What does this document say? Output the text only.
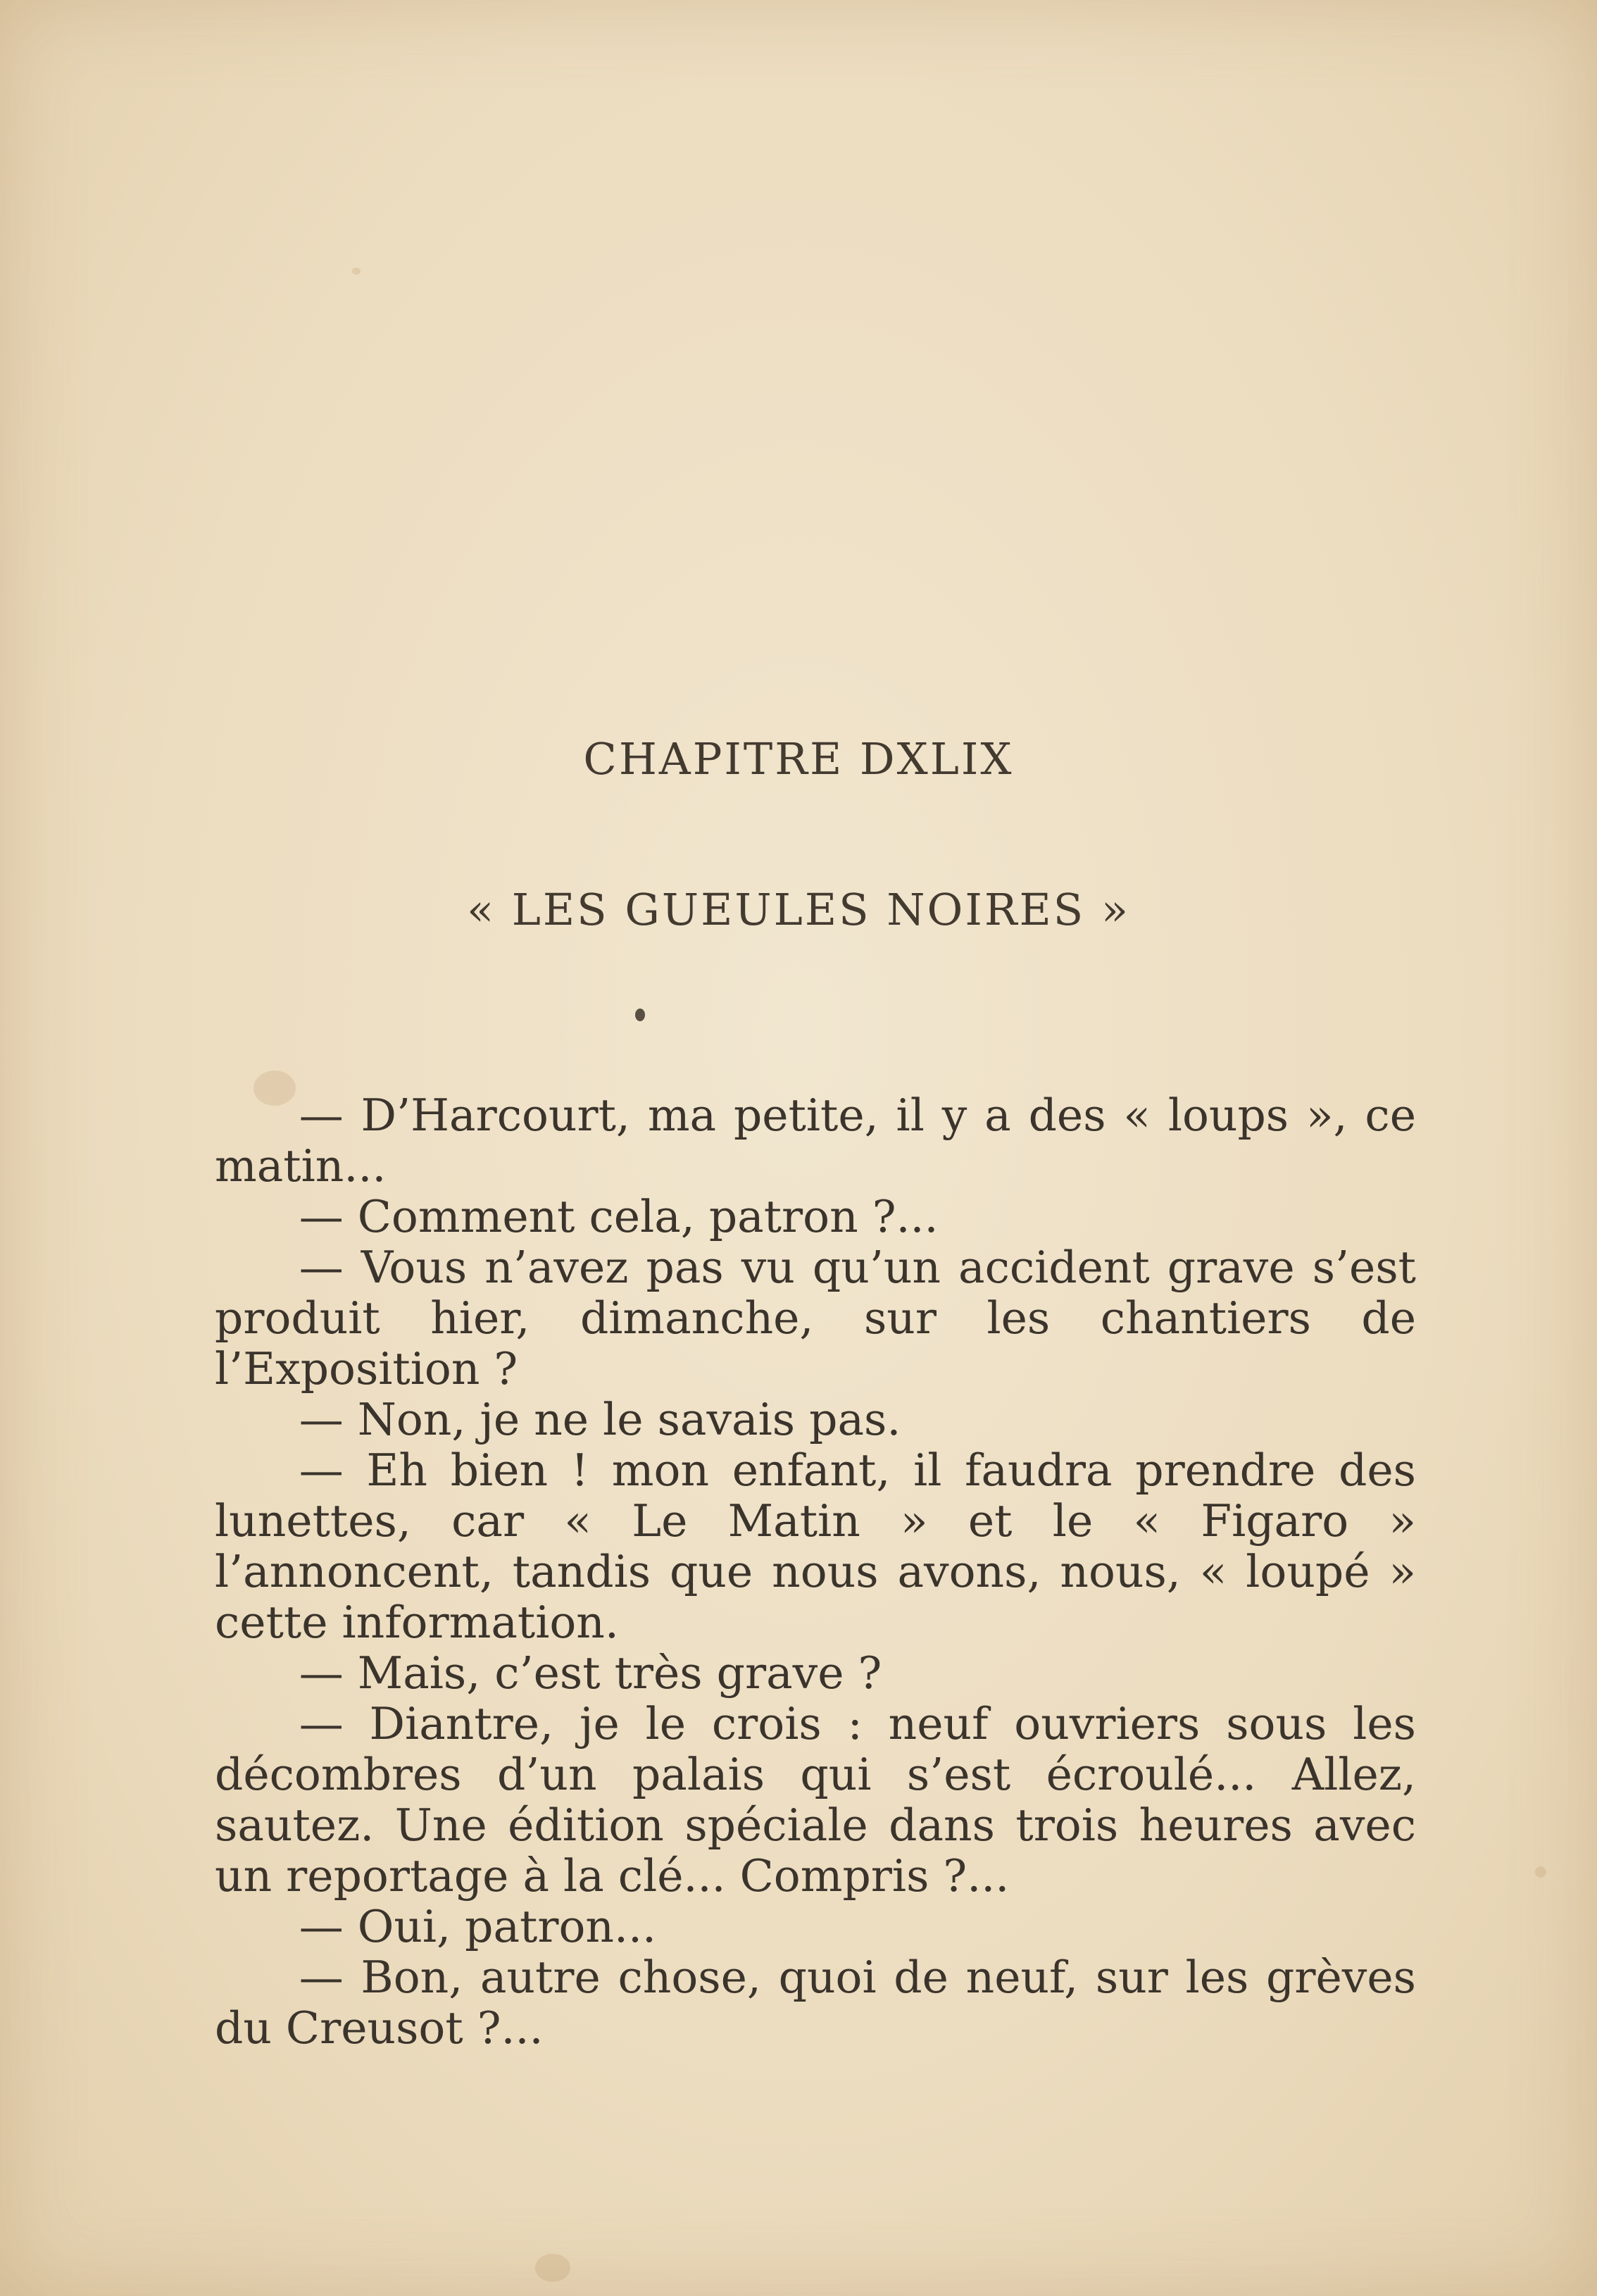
CHAPITRE DXLIX
« LES GUEULES NOIRES »

— D’Harcourt, ma petite, il y a des « loups », ce matin...

— Comment cela, patron ?...

— Vous n’avez pas vu qu’un accident grave s’est produit hier, dimanche, sur les chantiers de l’Exposition ?

— Non, je ne le savais pas.

— Eh bien ! mon enfant, il faudra prendre des lunettes, car « Le Matin » et le « Figaro » l’annoncent, tandis que nous avons, nous, « loupé » cette information.

— Mais, c’est très grave ?

— Diantre, je le crois : neuf ouvriers sous les décombres d’un palais qui s’est écroulé... Allez, sautez. Une édition spéciale dans trois heures avec un reportage à la clé... Compris ?...

— Oui, patron...

— Bon, autre chose, quoi de neuf, sur les grèves du Creusot ?...
